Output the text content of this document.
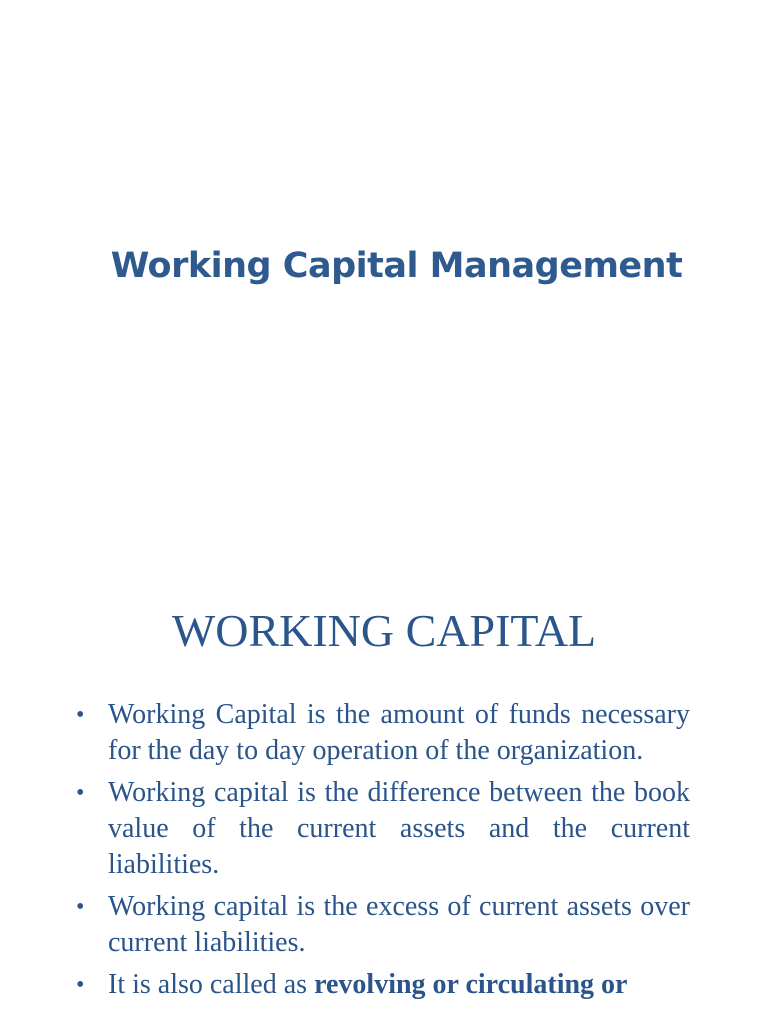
Working Capital Management
WORKING CAPITAL
• Working Capital is the amount of funds necessary for the day to day operation of the organization.
• Working capital is the difference between the book value of the current assets and the current liabilities.
• Working capital is the excess of current assets over current liabilities.
• It is also called as revolving or circulating or
